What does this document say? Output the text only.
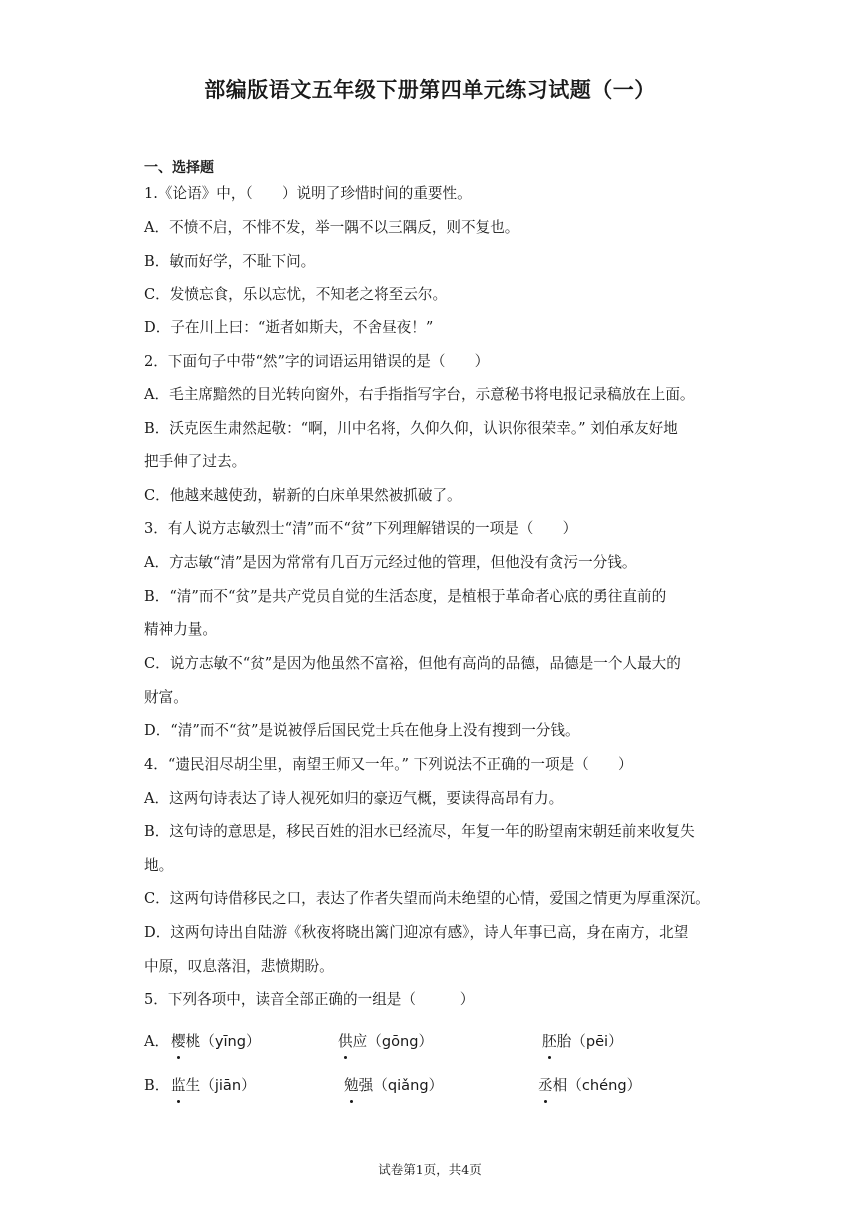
部编版语文五年级下册第四单元练习试题（一）
一、选择题
1.《论语》中，（　　）说明了珍惜时间的重要性。
A．不愤不启，不悱不发，举一隅不以三隅反，则不复也。
B．敏而好学，不耻下问。
C．发愤忘食，乐以忘忧，不知老之将至云尔。
D．子在川上曰：“逝者如斯夫，不舍昼夜！”
2．下面句子中带“然”字的词语运用错误的是（　　）
A．毛主席黯然的目光转向窗外，右手指指写字台，示意秘书将电报记录稿放在上面。
B．沃克医生肃然起敬：“啊，川中名将，久仰久仰，认识你很荣幸。” 刘伯承友好地
把手伸了过去。
C．他越来越使劲，崭新的白床单果然被抓破了。
3．有人说方志敏烈士“清”而不“贫”下列理解错误的一项是（　　）
A．方志敏“清”是因为常常有几百万元经过他的管理，但他没有贪污一分钱。
B．“清”而不“贫”是共产党员自觉的生活态度，是植根于革命者心底的勇往直前的
精神力量。
C．说方志敏不“贫”是因为他虽然不富裕，但他有高尚的品德，品德是一个人最大的
财富。
D．“清”而不“贫”是说被俘后国民党士兵在他身上没有搜到一分钱。
4．“遗民泪尽胡尘里，南望王师又一年。” 下列说法不正确的一项是（　　）
A．这两句诗表达了诗人视死如归的豪迈气概，要读得高昂有力。
B．这句诗的意思是，移民百姓的泪水已经流尽，年复一年的盼望南宋朝廷前来收复失
地。
C．这两句诗借移民之口，表达了作者失望而尚未绝望的心情，爱国之情更为厚重深沉。
D．这两句诗出自陆游《秋夜将晓出篱门迎凉有感》，诗人年事已高，身在南方，北望
中原，叹息落泪，悲愤期盼。
5．下列各项中，读音全部正确的一组是（　　　）
A． 樱桃（yīng）	供应（gōng）	胚胎（pēi）
B． 监生（jiān）	勉强（qiǎng）	丞相（chéng）
试卷第1页，共4页
